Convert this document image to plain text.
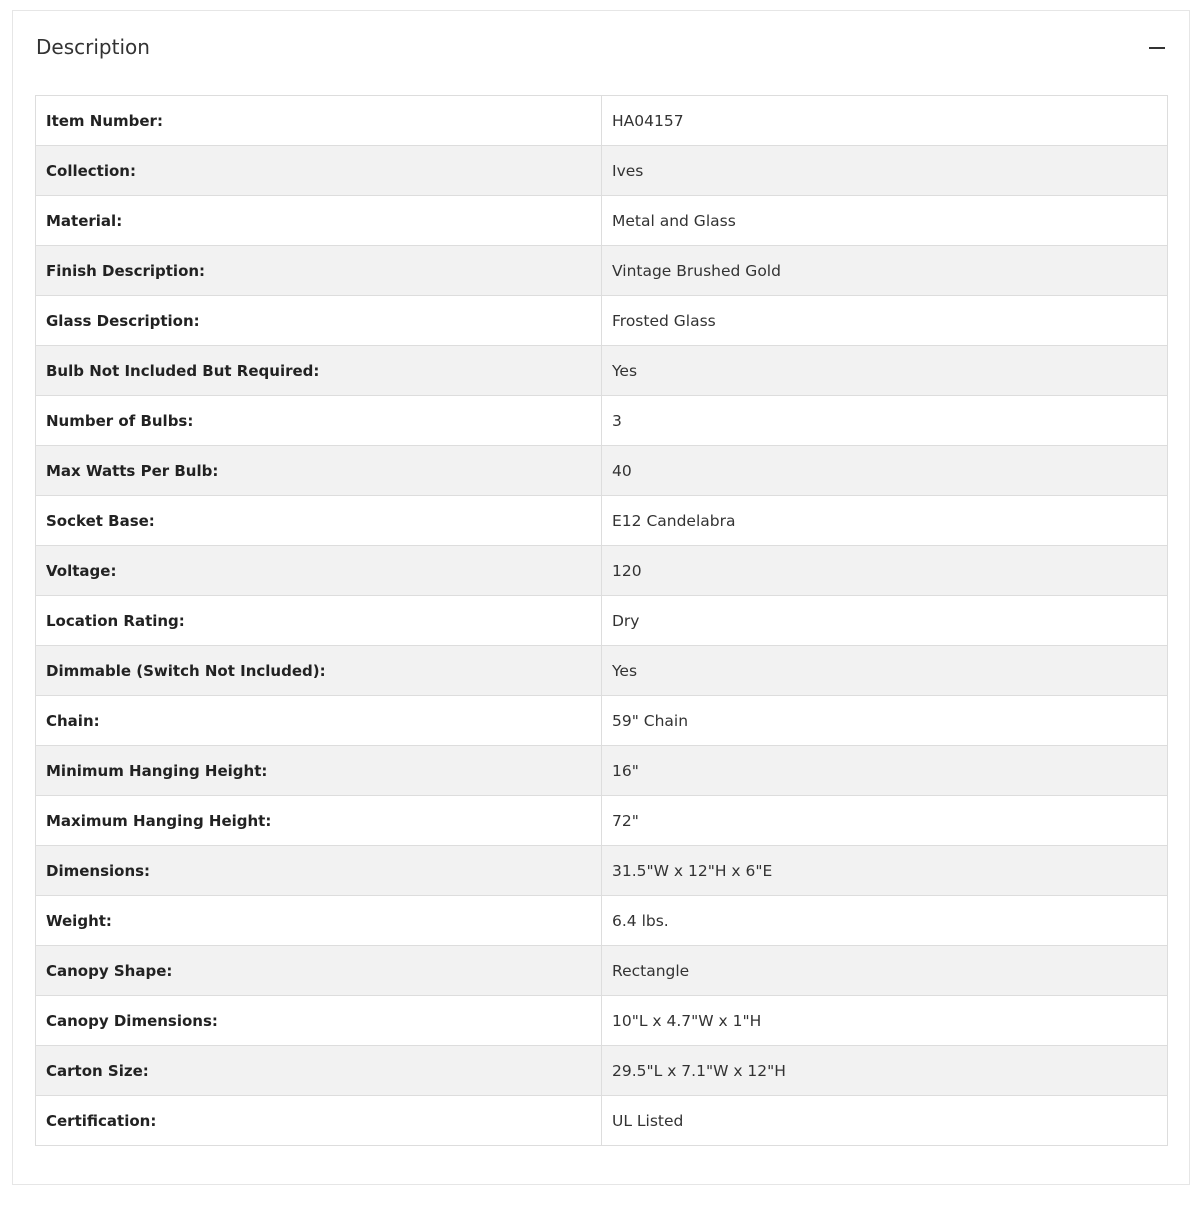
Description
Item Number:	HA04157
Collection:	Ives
Material:	Metal and Glass
Finish Description:	Vintage Brushed Gold
Glass Description:	Frosted Glass
Bulb Not Included But Required:	Yes
Number of Bulbs:	3
Max Watts Per Bulb:	40
Socket Base:	E12 Candelabra
Voltage:	120
Location Rating:	Dry
Dimmable (Switch Not Included):	Yes
Chain:	59" Chain
Minimum Hanging Height:	16"
Maximum Hanging Height:	72"
Dimensions:	31.5"W x 12"H x 6"E
Weight:	6.4 lbs.
Canopy Shape:	Rectangle
Canopy Dimensions:	10"L x 4.7"W x 1"H
Carton Size:	29.5"L x 7.1"W x 12"H
Certification:	UL Listed
